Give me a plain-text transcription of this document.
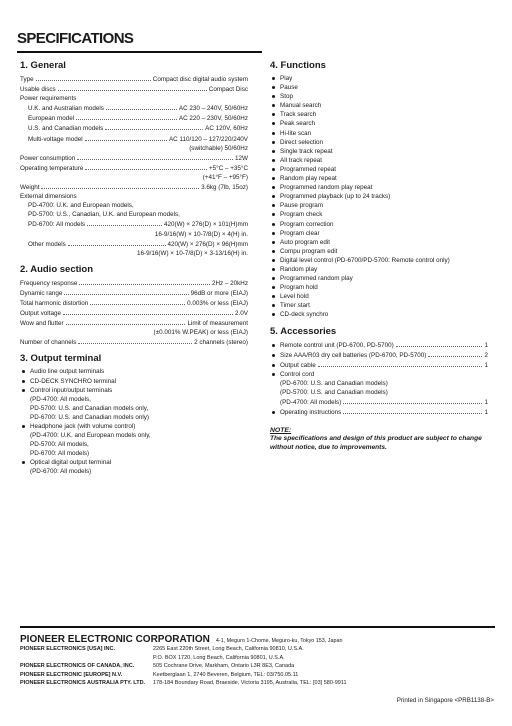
SPECIFICATIONS
1. General
Type	Compact disc digital audio system
Usable discs	Compact Disc
Power requirements
U.K. and Australian models	AC 230 – 240V, 50/60Hz
European model	AC 220 – 230V, 50/60Hz
U.S. and Canadian models	AC 120V, 60Hz
Multi-voltage model	AC 110/120 – 127/220/240V
(switchable) 50/60Hz
Power consumption	12W
Operating temperature	+5°C – +35°C
(+41°F – +95°F)
Weight	3.6kg (7lb, 15oz)
External dimensions
PD-4700: U.K. and European models,
PD-5700: U.S., Canadian, U.K. and European models,
PD-6700: All models	420(W) × 276(D) × 101(H)mm
16-9/16(W) × 10-7/8(D) × 4(H) in.
Other models	420(W) × 276(D) × 96(H)mm
16-9/16(W) × 10-7/8(D) × 3-13/16(H) in.
2. Audio section
Frequency response	2Hz – 20kHz
Dynamic range	96dB or more (EIAJ)
Total harmonic distortion	0.003% or less (EIAJ)
Output voltage	2.0V
Wow and flutter	Limit of measurement
(±0.001% W.PEAK) or less (EIAJ)
Number of channels	2 channels (stereo)
3. Output terminal
Audio line output terminals
CD-DECK SYNCHRO terminal
Control input/output terminals
(PD-4700: All models,
PD-5700: U.S. and Canadian models only,
PD-6700: U.S. and Canadian models only)
Headphone jack (with volume control)
(PD-4700: U.K. and European models only,
PD-5700: All models,
PD-6700: All models)
Optical digital output terminal
(PD-6700: All models)
4. Functions
Play
Pause
Stop
Manual search
Track search
Peak search
Hi-lite scan
Direct selection
Single track repeat
All track repeat
Programmed repeat
Random play repeat
Programmed random play repeat
Programmed playback (up to 24 tracks)
Pause program
Program check
Program correction
Program clear
Auto program edit
Compu program edit
Digital level control (PD-6700/PD-5700: Remote control only)
Random play
Programmed random play
Program hold
Level hold
Timer start
CD-deck synchro
5. Accessories
Remote control unit (PD-6700, PD-5700)	1
Size AAA/R03 dry cell batteries (PD-6700, PD-5700)	2
Output cable	1
Control cord
(PD-6700: U.S. and Canadian models)
(PD-5700: U.S. and Canadian models)
(PD-4700: All models)	1
Operating instructions	1
NOTE:
The specifications and design of this product are subject to change without notice, due to improvements.
PIONEER ELECTRONIC CORPORATION 4-1, Meguro 1-Chome, Meguro-ku, Tokyo 153, Japan
PIONEER ELECTRONICS [USA] INC.	2265 East 220th Street, Long Beach, California 90810, U.S.A.
P.O. BOX 1720, Long Beach, California 90801, U.S.A.
PIONEER ELECTRONICS OF CANADA, INC.	505 Cochrane Drive, Markham, Ontario L3R 8E3, Canada
PIONEER ELECTRONIC [EUROPE] N.V.	Keetberglaan 1, 2740 Beveren, Belgium, TEL: 03/750.05.11
PIONEER ELECTRONICS AUSTRALIA PTY. LTD.	178-184 Boundary Road, Braeside, Victoria 3195, Australia, TEL: [03] 580-9911
Printed in Singapore <PRB1138-B>
